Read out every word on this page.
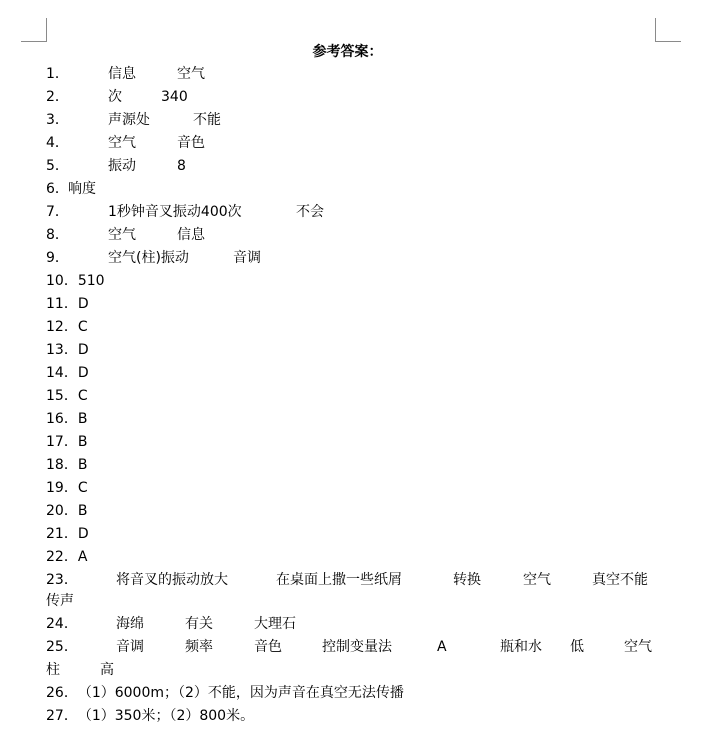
参考答案：
1．	信息	空气
2．	次	340
3．	声源处	不能
4．	空气	音色
5．	振动	8
6． 响度
7．	1秒钟音叉振动400次	不会
8．	空气	信息
9．	空气(柱)振动	音调
10．510
11．D
12．C
13．D
14．D
15．C
16．B
17．B
18．B
19．C
20．B
21．D
22．A
23．	将音叉的振动放大	在桌面上撒一些纸屑	转换	空气	真空不能
传声
24．	海绵	有关	大理石
25．	音调	频率	音色	控制变量法	A	瓶和水 低	空气
柱	高
26．（1）6000m；（2）不能，因为声音在真空无法传播
27．（1）350米；（2）800米。
